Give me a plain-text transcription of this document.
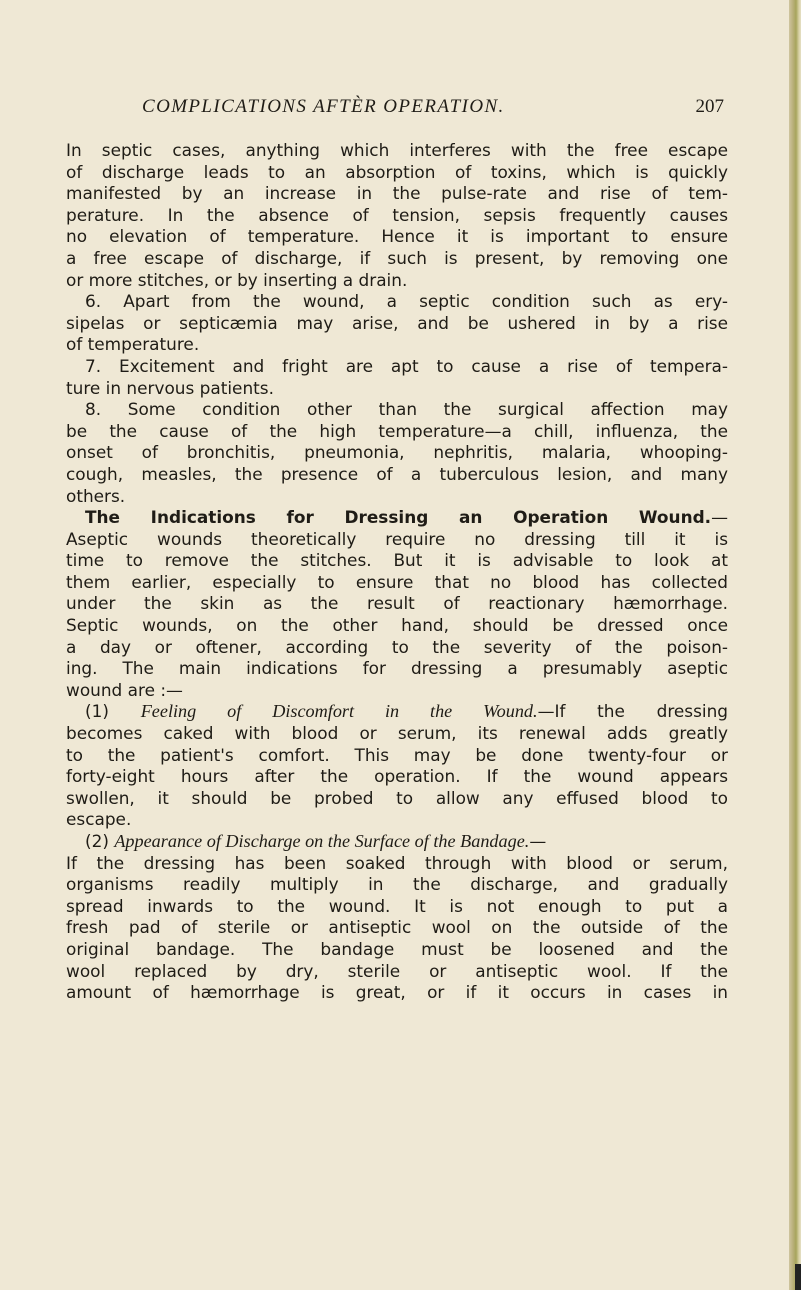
COMPLICATIONS AFTÈR OPERATION.	207
In septic cases, anything which interferes with the free escape
of discharge leads to an absorption of toxins, which is quickly
manifested by an increase in the pulse-rate and rise of tem-
perature. In the absence of tension, sepsis frequently causes
no elevation of temperature. Hence it is important to ensure
a free escape of discharge, if such is present, by removing one
or more stitches, or by inserting a drain.
6. Apart from the wound, a septic condition such as ery-
sipelas or septicæmia may arise, and be ushered in by a rise
of temperature.
7. Excitement and fright are apt to cause a rise of tempera-
ture in nervous patients.
8. Some condition other than the surgical affection may
be the cause of the high temperature—a chill, influenza, the
onset of bronchitis, pneumonia, nephritis, malaria, whooping-
cough, measles, the presence of a tuberculous lesion, and many
others.
The Indications for Dressing an Operation Wound.—
Aseptic wounds theoretically require no dressing till it is
time to remove the stitches. But it is advisable to look at
them earlier, especially to ensure that no blood has collected
under the skin as the result of reactionary hæmorrhage.
Septic wounds, on the other hand, should be dressed once
a day or oftener, according to the severity of the poison-
ing. The main indications for dressing a presumably aseptic
wound are :—
(1) Feeling of Discomfort in the Wound.—If the dressing
becomes caked with blood or serum, its renewal adds greatly
to the patient's comfort. This may be done twenty-four or
forty-eight hours after the operation. If the wound appears
swollen, it should be probed to allow any effused blood to
escape.
(2) Appearance of Discharge on the Surface of the Bandage.—
If the dressing has been soaked through with blood or serum,
organisms readily multiply in the discharge, and gradually
spread inwards to the wound. It is not enough to put a
fresh pad of sterile or antiseptic wool on the outside of the
original bandage. The bandage must be loosened and the
wool replaced by dry, sterile or antiseptic wool. If the
amount of hæmorrhage is great, or if it occurs in cases in
